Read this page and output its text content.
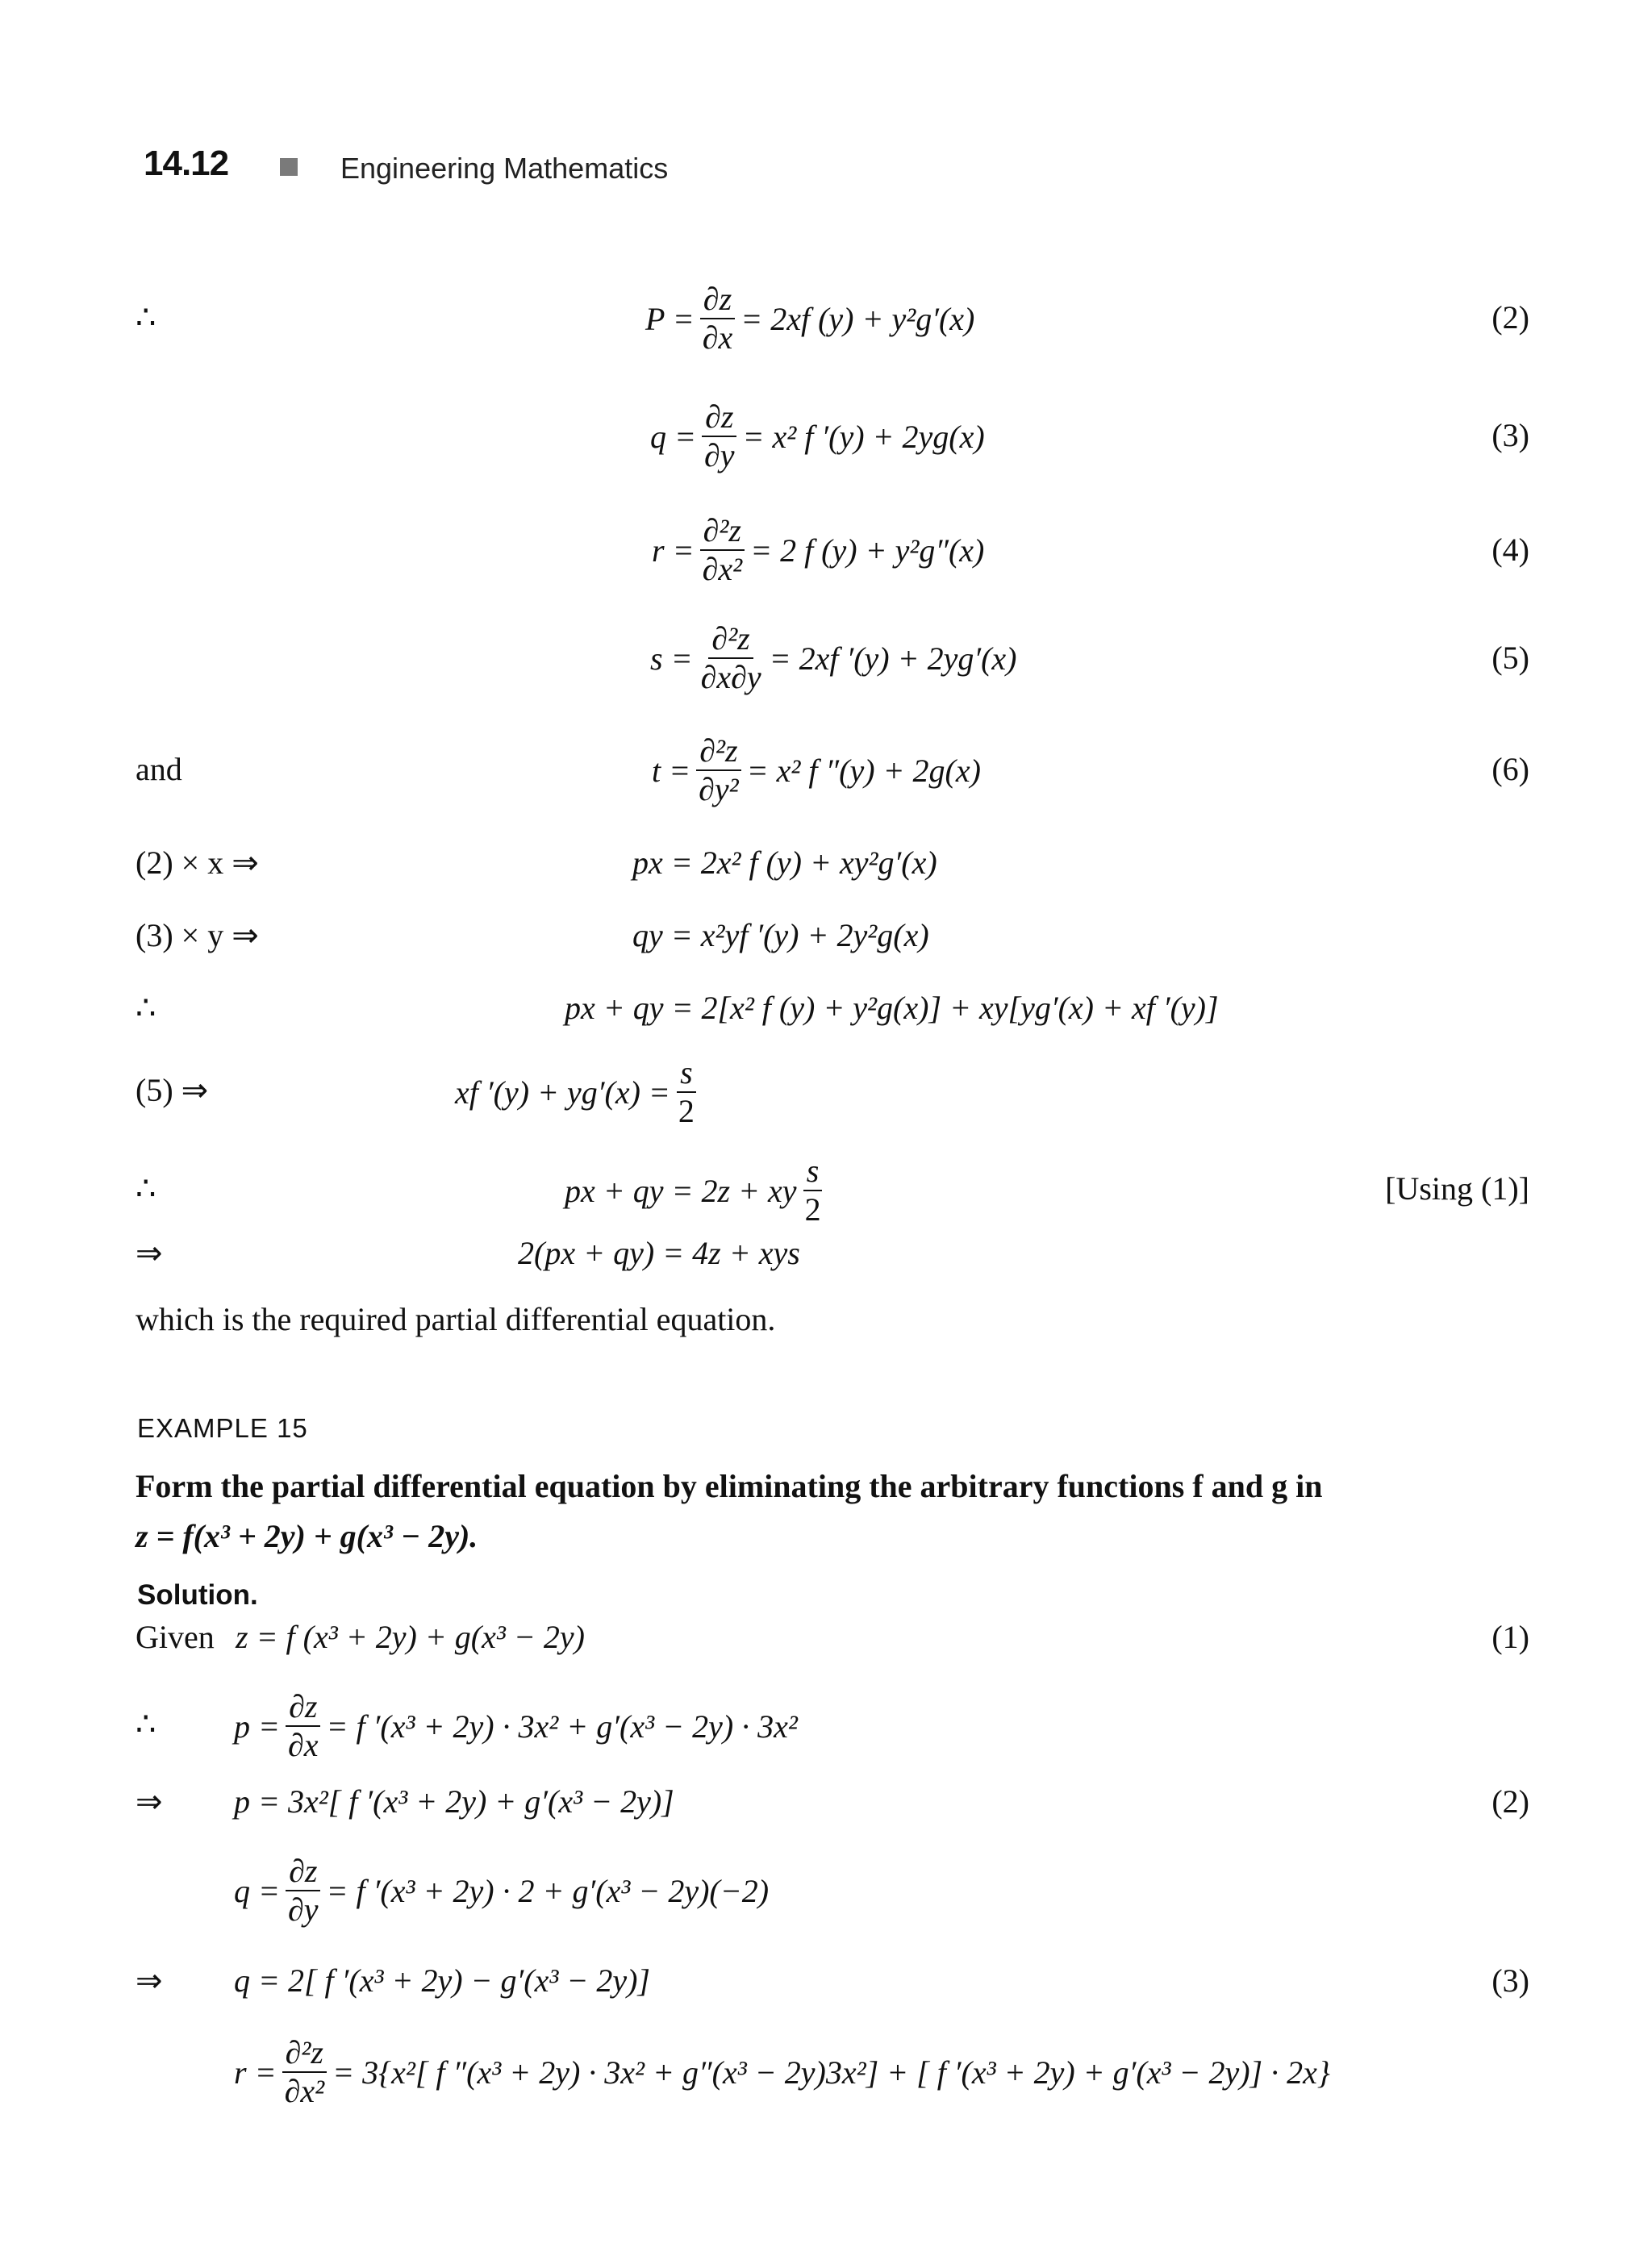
14.12	Engineering Mathematics
∴	$P = \frac{\partial z}{\partial x} = 2xf$ (y) + y²g′(x)	(2)
$q = \frac{\partial z}{\partial y} = x^2$ f ′(y) + 2yg(x)	(3)
$r = \frac{\text{∂²z}}{\text{∂x²}} = 2$ f (y) + y²g″(x)	(4)
$s = \frac{\text{∂²z}}{\partial x\partial y} = 2xf$ ′(y) + 2yg′(x)	(5)
and	$t = \frac{\text{∂²z}}{\text{∂y²}} = x^2$ f ″(y) + 2g(x)	(6)
(2) × x ⇒	px = 2x² f (y) + xy²g′(x)
(3) × y ⇒	qy = x²yf ′(y) + 2y²g(x)
∴	px + qy = 2[x² f (y) + y²g(x)] + xy[yg′(x) + xf ′(y)]
(5) ⇒	xf $'(y) + yg'(x) = \frac{s}{2}$
∴	px + qy = 2z + xy $\frac{s}{2}$	[Using (1)]
⇒	2(px + qy) = 4z + xys
which is the required partial differential equation.
EXAMPLE 15
Form the partial differential equation by eliminating the arbitrary functions f and g in
z = f(x³ + 2y) + g(x³ − 2y).
Solution.
Given z = f (x³ + 2y) + g(x³ − 2y)	(1)
∴ $p = \frac{\partial z}{\partial x} = f$ ′(x³ + 2y) · 3x² + g′(x³ − 2y) · 3x²
⇒ p = 3x²[ f ′(x³ + 2y) + g′(x³ − 2y)]	(2)
$q = \frac{\partial z}{\partial y} = f$ ′(x³ + 2y) · 2 + g′(x³ − 2y)(−2)
⇒ q = 2[ f ′(x³ + 2y) − g′(x³ − 2y)]	(3)
$r = \frac{\text{∂²z}}{\text{∂x²}} = 3\{x^2$[ f ″(x³ + 2y) · 3x² + g″(x³ − 2y)3x²] + [ f ′(x³ + 2y) + g′(x³ − 2y)] · 2x}
